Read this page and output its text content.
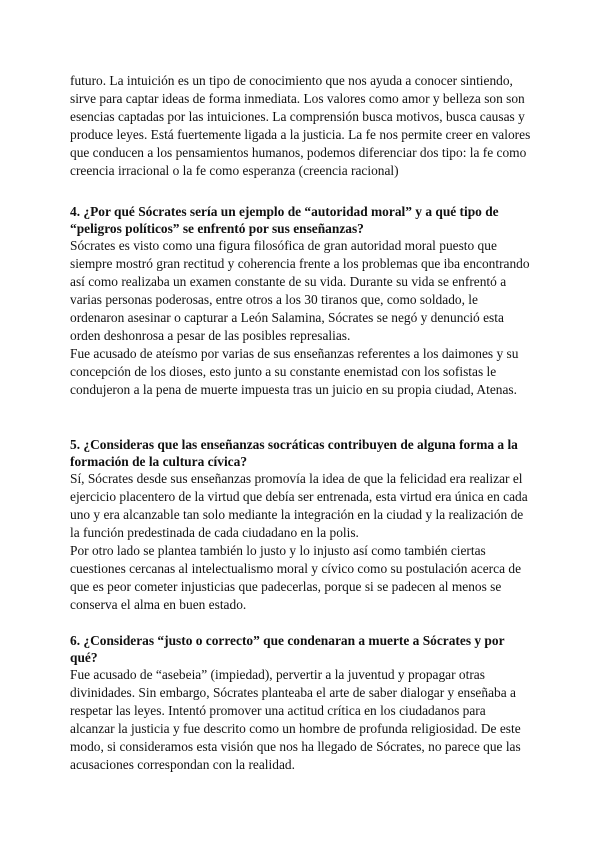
futuro. La intuición es un tipo de conocimiento que nos ayuda a conocer sintiendo, sirve para captar ideas de forma inmediata. Los valores como amor y belleza son son esencias captadas por las intuiciones. La comprensión busca motivos, busca causas y produce leyes. Está fuertemente ligada a la justicia. La fe nos permite creer en valores que conducen a los pensamientos humanos, podemos diferenciar dos tipo: la fe como creencia irracional o la fe como esperanza (creencia racional)

4. ¿Por qué Sócrates sería un ejemplo de “autoridad moral” y a qué tipo de “peligros políticos” se enfrentó por sus enseñanzas?

Sócrates es visto como una figura filosófica de gran autoridad moral puesto que siempre mostró gran rectitud y coherencia frente a los problemas que iba encontrando así como realizaba un examen constante de su vida. Durante su vida se enfrentó a varias personas poderosas, entre otros a los 30 tiranos que, como soldado, le ordenaron asesinar o capturar a León Salamina, Sócrates se negó y denunció esta orden deshonrosa a pesar de las posibles represalias.

Fue acusado de ateísmo por varias de sus enseñanzas referentes a los daimones y su concepción de los dioses, esto junto a su constante enemistad con los sofistas le condujeron a la pena de muerte impuesta tras un juicio en su propia ciudad, Atenas.

5. ¿Consideras que las enseñanzas socráticas contribuyen de alguna forma a la formación de la cultura cívica?

Sí, Sócrates desde sus enseñanzas promovía la idea de que la felicidad era realizar el ejercicio placentero de la virtud que debía ser entrenada, esta virtud era única en cada uno y era alcanzable tan solo mediante la integración en la ciudad y la realización de la función predestinada de cada ciudadano en la polis.

Por otro lado se plantea también lo justo y lo injusto así como también ciertas cuestiones cercanas al intelectualismo moral y cívico como su postulación acerca de que es peor cometer injusticias que padecerlas, porque si se padecen al menos se conserva el alma en buen estado.

6. ¿Consideras “justo o correcto” que condenaran a muerte a Sócrates y por qué?

Fue acusado de “asebeia” (impiedad), pervertir a la juventud y propagar otras divinidades. Sin embargo, Sócrates planteaba el arte de saber dialogar y enseñaba a respetar las leyes. Intentó promover una actitud crítica en los ciudadanos para alcanzar la justicia y fue descrito como un hombre de profunda religiosidad. De este modo, si consideramos esta visión que nos ha llegado de Sócrates, no parece que las acusaciones correspondan con la realidad.
